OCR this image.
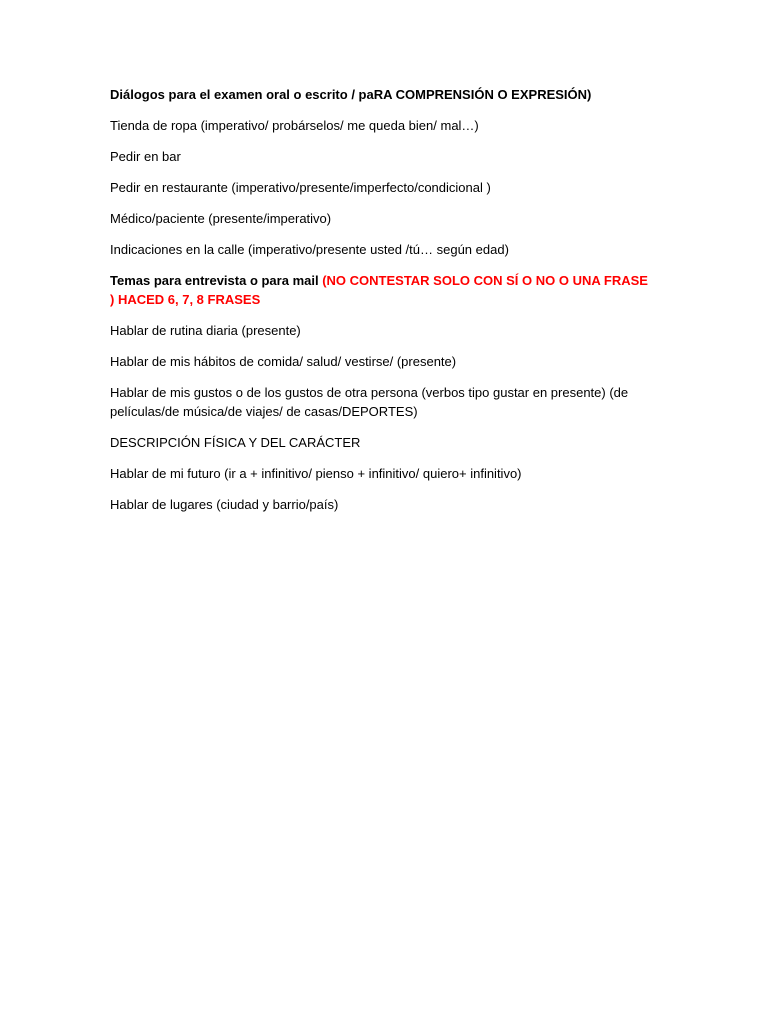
Diálogos para el examen oral o escrito / paRA COMPRENSIÓN O EXPRESIÓN)

Tienda de ropa (imperativo/ probárselos/ me queda bien/ mal…)

Pedir en bar

Pedir en restaurante (imperativo/presente/imperfecto/condicional )

Médico/paciente (presente/imperativo)

Indicaciones en la calle (imperativo/presente usted /tú… según edad)

Temas para entrevista o para mail (NO CONTESTAR SOLO CON SÍ O NO O UNA FRASE ) HACED 6, 7, 8 FRASES

Hablar de rutina diaria (presente)

Hablar de mis hábitos de comida/ salud/ vestirse/ (presente)

Hablar de mis gustos o de los gustos de otra persona (verbos tipo gustar en presente) (de películas/de música/de viajes/ de casas/DEPORTES)

DESCRIPCIÓN FÍSICA Y DEL CARÁCTER

Hablar de mi futuro (ir a + infinitivo/ pienso + infinitivo/ quiero+ infinitivo)

Hablar de lugares (ciudad y barrio/país)
